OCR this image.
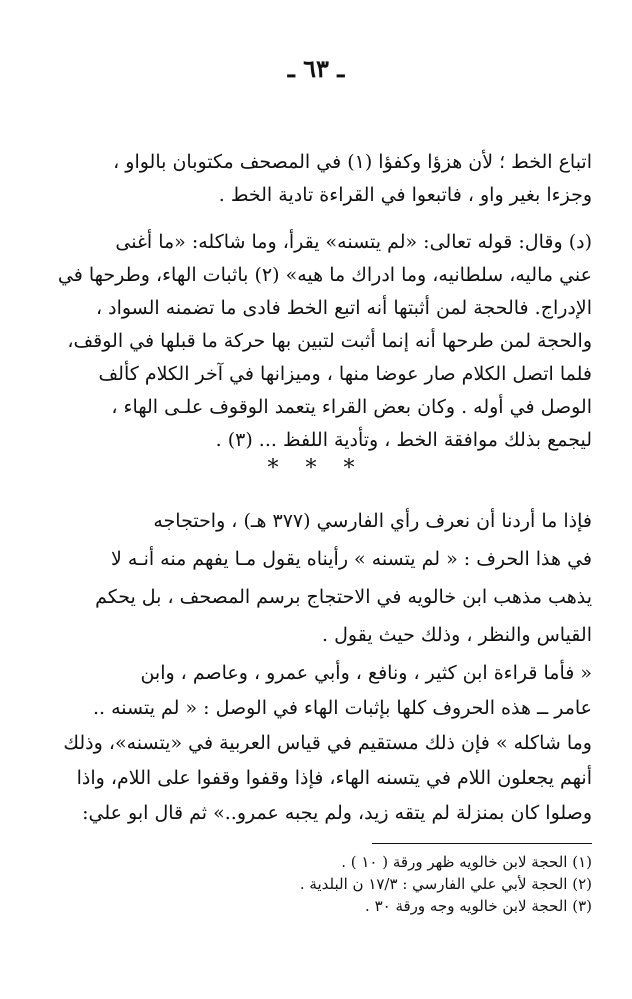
ـ ٦٣ ـ
اتباع الخط ؛ لأن هزؤا وكفؤا (١) في المصحف مكتوبان بالواو ،
وجزءا بغير واو ، فاتبعوا في القراءة تادية الخط .
(د) وقال: قوله تعالى: «لم يتسنه» يقرأ، وما شاكله: «ما أغنى
عني ماليه، سلطانيه، وما ادراك ما هيه» (٢) باثبات الهاء، وطرحها في
الإدراج. فالحجة لمن أثبتها أنه اتبع الخط فادى ما تضمنه السواد ،
والحجة لمن طرحها أنه إنما أثبت لتبين بها حركة ما قبلها في الوقف،
فلما اتصل الكلام صار عوضا منها ، وميزانها في آخر الكلام كألف
الوصل في أوله . وكان بعض القراء يتعمد الوقوف علـى الهاء ،
ليجمع بذلك موافقة الخط ، وتأدية اللفظ ... (٣) .
* * *
فإذا ما أردنا أن نعرف رأي الفارسي (٣٧٧ هـ) ، واحتجاجه
في هذا الحرف : « لم يتسنه » رأيناه يقول مـا يفهم منه أنـه لا
يذهب مذهب ابن خالويه في الاحتجاج برسم المصحف ، بل يحكم
القياس والنظر ، وذلك حيث يقول .
« فأما قراءة ابن كثير ، ونافع ، وأبي عمرو ، وعاصم ، وابن
عامر ــ هذه الحروف كلها بإثبات الهاء في الوصل : « لم يتسنه ..
وما شاكله » فإن ذلك مستقيم في قياس العربية في «يتسنه»، وذلك
أنهم يجعلون اللام في يتسنه الهاء، فإذا وقفوا وقفوا على اللام، واذا
وصلوا كان بمنزلة لم يتقه زيد، ولم يجبه عمرو..» ثم قال ابو علي:
(١) الحجة لابن خالويه ظهر ورقة ( ١٠ ) .
(٢) الحجة لأبي علي الفارسي : ١٧/٣ ن البلدية .
(٣) الحجة لابن خالويه وجه ورقة ٣٠ .
